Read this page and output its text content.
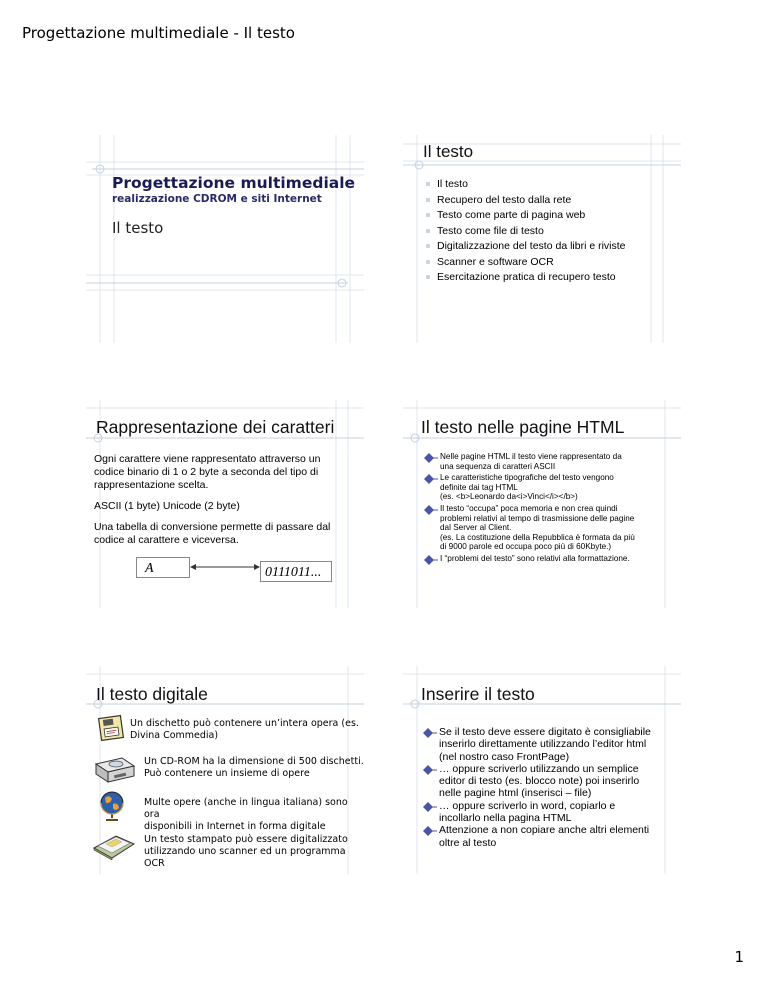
Progettazione multimediale - Il testo
Progettazione multimediale
realizzazione CDROM e siti Internet
Il testo
Il testo
Il testo
Recupero del testo dalla rete
Testo come parte di pagina web
Testo come file di testo
Digitalizzazione del testo da libri e riviste
Scanner e software OCR
Esercitazione pratica di recupero testo
Rappresentazione dei caratteri
Ogni carattere viene rappresentato attraverso un codice binario di 1 o 2 byte a seconda del tipo di rappresentazione scelta.
ASCII (1 byte) Unicode (2 byte)
Una tabella di conversione permette di passare dal codice al carattere e viceversa.
A	0111011...
Il testo nelle pagine HTML
Nelle pagine HTML il testo viene rappresentato da
una sequenza di caratteri ASCII
Le caratteristiche tipografiche del testo vengono
definite dai tag HTML
(es. <b>Leonardo da<i>Vinci</i></b>)
Il testo “occupa” poca memoria e non crea quindi
problemi relativi al tempo di trasmissione delle pagine
dal Server al Client.
(es. La costituzione della Repubblica è formata da più
di 9000 parole ed occupa poco più di 60Kbyte.)
I “problemi del testo” sono relativi alla formattazione.
Il testo digitale
Un dischetto può contenere un’intera opera (es.
Divina Commedia)
Un CD-ROM ha la dimensione di 500 dischetti.
Può contenere un insieme di opere
Multe opere (anche in lingua italiana) sono ora
disponibili in Internet in forma digitale
Un testo stampato può essere digitalizzato
utilizzando uno scanner ed un programma
OCR
Inserire il testo
Se il testo deve essere digitato è consigliabile
inserirlo direttamente utilizzando l’editor html
(nel nostro caso FrontPage)
… oppure scriverlo utilizzando un semplice
editor di testo (es. blocco note) poi inserirlo
nelle pagine html (inserisci – file)
… oppure scriverlo in word, copiarlo e
incollarlo nella pagina HTML
Attenzione a non copiare anche altri elementi
oltre al testo
1
